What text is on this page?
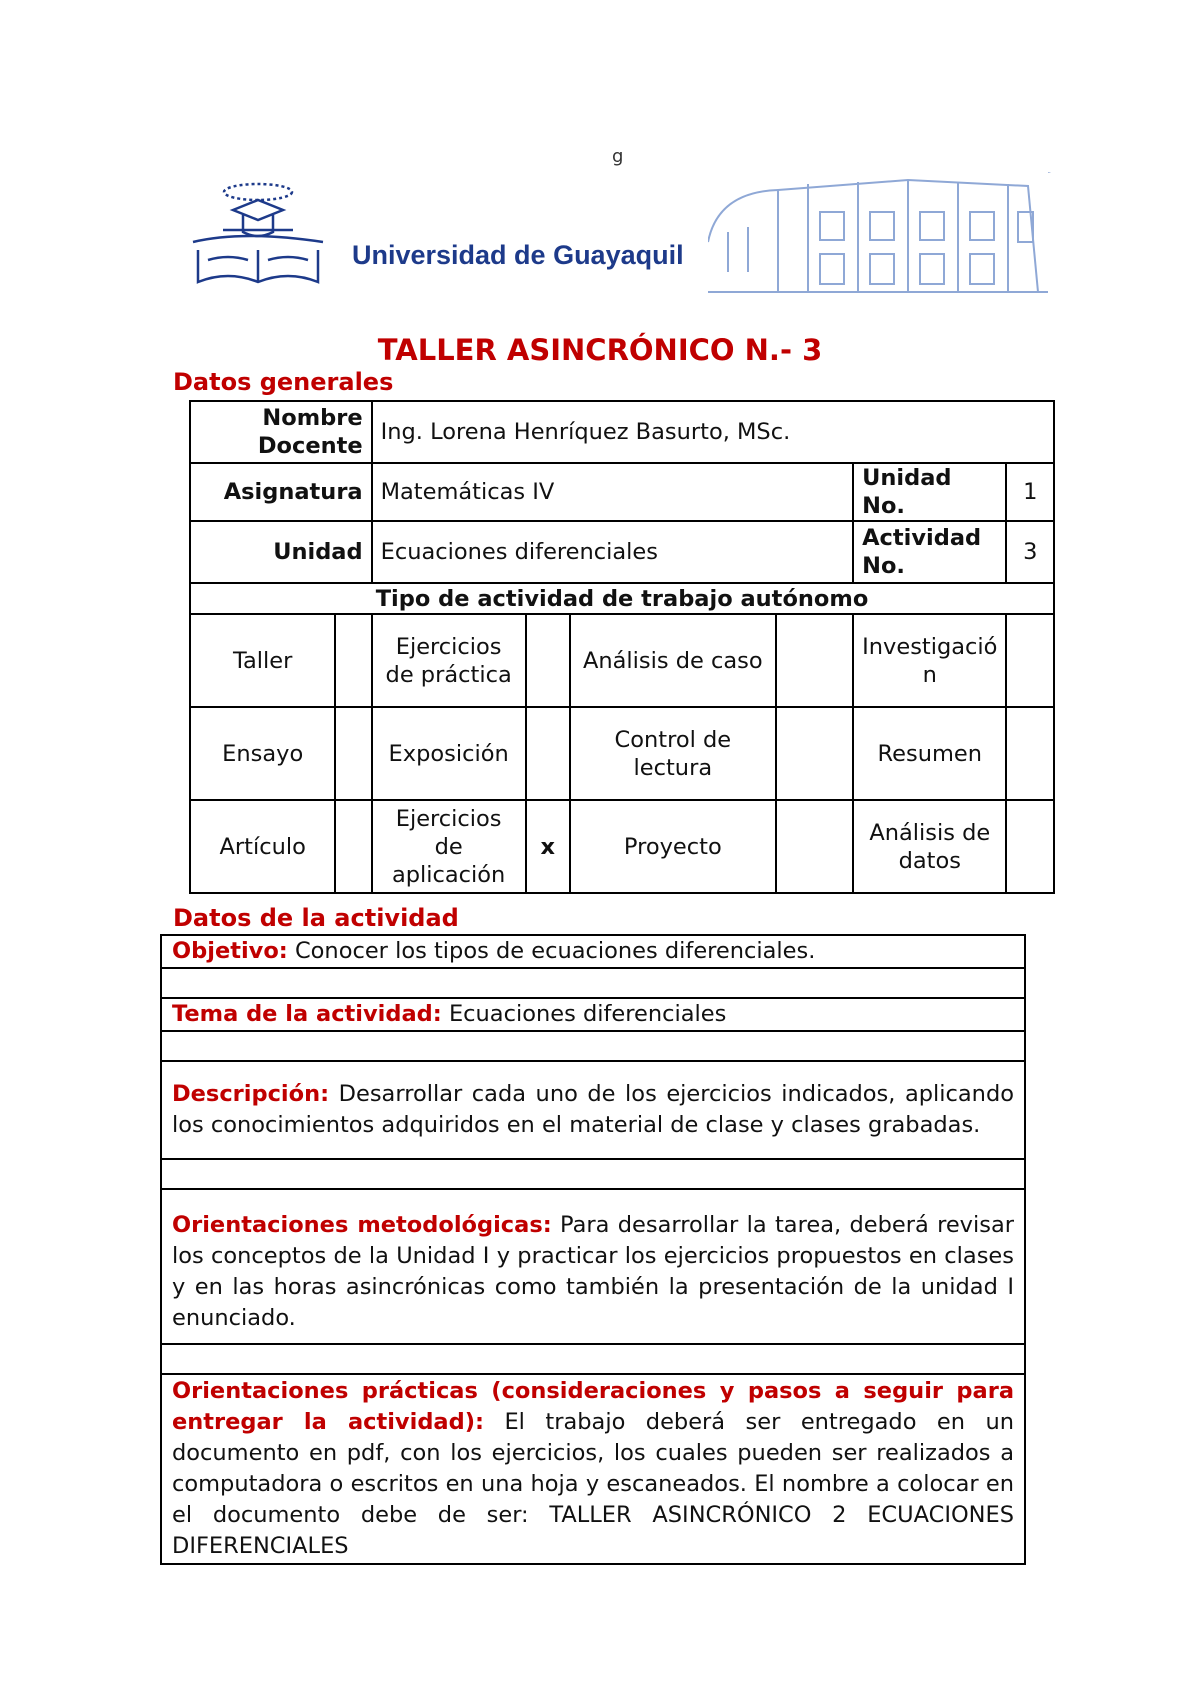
g
Universidad de Guayaquil
TALLER ASINCRÓNICO N.- 3
Datos generales
Nombre Docente		Ing. Lorena Henríquez Basurto, MSc.					
Asignatura		Matemáticas IV				Unidad No.	1
Unidad		Ecuaciones diferenciales				Actividad No.	3
Tipo de actividad de trabajo autónomo							
Taller		Ejercicios de práctica		Análisis de caso		Investigació n	
Ensayo		Exposición		Control de lectura		Resumen	
Artículo		Ejercicios de aplicación	x	Proyecto		Análisis de datos	
Datos de la actividad
Objetivo: Conocer los tipos de ecuaciones diferenciales.

Tema de la actividad: Ecuaciones diferenciales

Descripción: Desarrollar cada uno de los ejercicios indicados, aplicando los conocimientos adquiridos en el material de clase y clases grabadas.

Orientaciones metodológicas: Para desarrollar la tarea, deberá revisar los conceptos de la Unidad I y practicar los ejercicios propuestos en clases y en las horas asincrónicas como también la presentación de la unidad I enunciado.

Orientaciones prácticas (consideraciones y pasos a seguir para entregar la actividad): El trabajo deberá ser entregado en un documento en pdf, con los ejercicios, los cuales pueden ser realizados a computadora o escritos en una hoja y escaneados. El nombre a colocar en el documento debe de ser: TALLER ASINCRÓNICO 2 ECUACIONES DIFERENCIALES
